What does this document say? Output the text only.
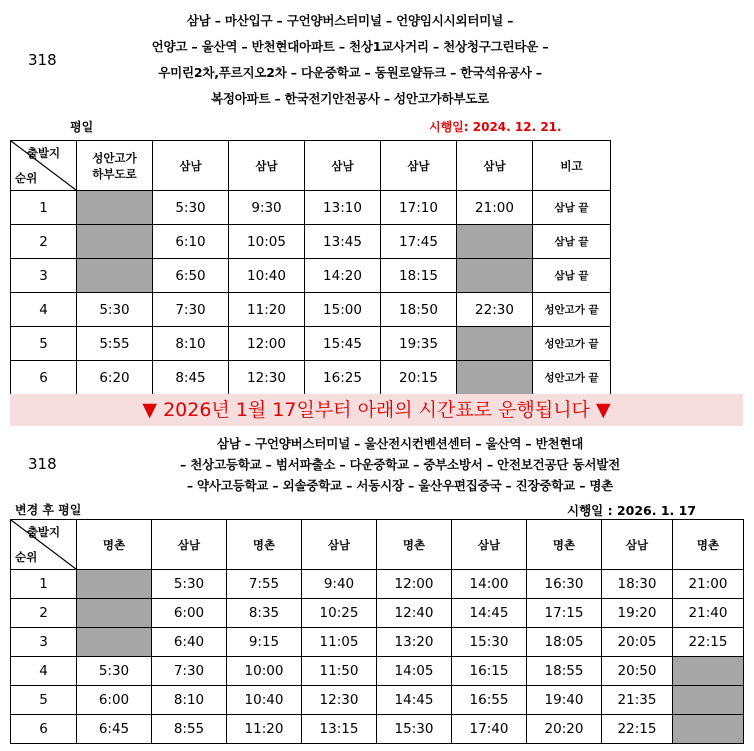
318
삼남 – 마산입구 – 구언양버스터미널 – 언양임시시외터미널 –
언양고 – 울산역 – 반천현대아파트 – 천상1교사거리 – 천상청구그린타운 –
우미린2차,푸르지오2차 – 다운중학교 – 동원로얄듀크 – 한국석유공사 –
복정아파트 – 한국전기안전공사 – 성안고가하부도로
평일	시행일: 2024. 12. 21.
출발지
순위	성안고가
하부도로	삼남	삼남	삼남	삼남	삼남	비고
1		5:30	9:30	13:10	17:10	21:00	삼남 끝
2		6:10	10:05	13:45	17:45		삼남 끝
3		6:50	10:40	14:20	18:15		삼남 끝
4	5:30	7:30	11:20	15:00	18:50	22:30	성안고가 끝
5	5:55	8:10	12:00	15:45	19:35		성안고가 끝
6	6:20	8:45	12:30	16:25	20:15		성안고가 끝
▼ 2026년 1월 17일부터 아래의 시간표로 운행됩니다 ▼
318
삼남 – 구언양버스터미널 – 울산전시컨벤션센터 – 울산역 – 반천현대
– 천상고등학교 – 범서파출소 – 다운중학교 – 중부소방서 – 안전보건공단 동서발전
– 약사고등학교 – 외솔중학교 – 서동시장 – 울산우편집중국 – 진장중학교 – 명촌
변경 후 평일	시행일 : 2026. 1. 17
출발지
순위	명촌	삼남	명촌	삼남	명촌	삼남	명촌	삼남	명촌
1		5:30	7:55	9:40	12:00	14:00	16:30	18:30	21:00
2		6:00	8:35	10:25	12:40	14:45	17:15	19:20	21:40
3		6:40	9:15	11:05	13:20	15:30	18:05	20:05	22:15
4	5:30	7:30	10:00	11:50	14:05	16:15	18:55	20:50	
5	6:00	8:10	10:40	12:30	14:45	16:55	19:40	21:35	
6	6:45	8:55	11:20	13:15	15:30	17:40	20:20	22:15	
